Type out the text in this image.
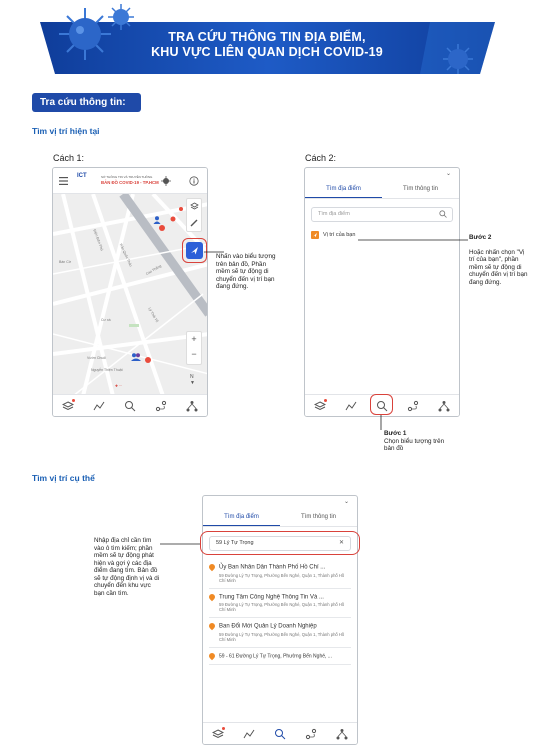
TRA CỨU THÔNG TIN ĐỊA ĐIỂM,
KHU VỰC LIÊN QUAN DỊCH COVID-19
Tra cứu thông tin:
Tìm vị trí hiện tại
Cách 1:
ICT	SỞ THÔNG TIN VÀ TRUYỀN THÔNG
BẢN ĐỒ COVID-19 - TP.HCM
Cao Thắng
Bàn Cờ
Điện Biên Phủ
Trần Quốc Thảo
Vườn Chuối
Nguyễn Thiện Thuật
Cư xá	Lý Thái Tổ
+
−
N
▼
✚ ···
Nhấn vào biểu tượng trên bản đồ, Phần mềm sẽ tự động di chuyển đến vị trí bạn đang đứng.
Cách 2:
⌄
Tìm địa điểm	Tìm thông tin
Tìm địa điểm
Vị trí của bạn	Bước 2
Hoặc nhấn chọn "Vị trí của bạn", phần mềm sẽ tự động di chuyển đến vị trí bạn đang đứng.
Bước 1
Chọn biểu tượng trên bản đồ
Tìm vị trí cụ thể
⌄
Tìm địa điểm	Tìm thông tin
59 Lý Tự Trọng	✕
Ủy Ban Nhân Dân Thành Phố Hồ Chí ...
59 Đường Lý Tự Trọng, Phường Bến Nghé, Quận 1, Thành phố Hồ Chí Minh
Trung Tâm Công Nghệ Thông Tin Và ...
59 Đường Lý Tự Trọng, Phường Bến Nghé, Quận 1, Thành phố Hồ Chí Minh
Ban Đổi Mới Quản Lý Doanh Nghiệp
59 Đường Lý Tự Trọng, Phường Bến Nghé, Quận 1, Thành phố Hồ Chí Minh
59 - 61 Đường Lý Tự Trọng, Phường Bến Nghé, ...
Nhập địa chỉ cần tìm vào ô tìm kiếm; phần mềm sẽ tự động phát hiện và gợi ý các địa điểm đang tìm. Bản đồ sẽ tự động định vị và di chuyển đến khu vực bạn cần tìm.
